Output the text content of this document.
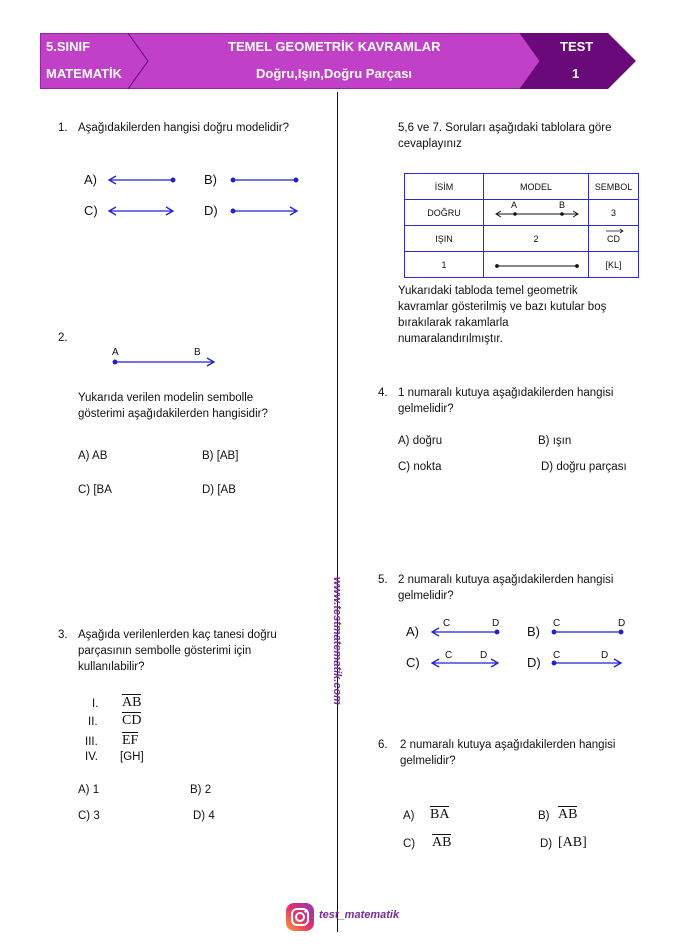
5.SINIF
MATEMATİK
TEMEL GEOMETRİK KAVRAMLAR
Doğru,Işın,Doğru Parçası
TEST
1
1. Aşağıdakilerden hangisi doğru modelidir?
A)	B)
C)	D)
2.
A	B
Yukarıda verilen modelin sembolle
gösterimi aşağıdakilerden hangisidir?
A) AB	B) [AB]
C) [BA	D) [AB
3. Aşağıda verilenlerden kaç tanesi doğru
parçasının sembolle gösterimi için
kullanılabilir?
I. AB
II. CD
III. EF
IV. [GH]
A) 1	B) 2
C) 3	D) 4
www.testmatematik.com
5,6 ve 7. Soruları aşağıdaki tablolara göre
cevaplayınız
İSİM	MODEL	SEMBOL
DOĞRU	A B	3
IŞIN	2	CD

1		[KL]
Yukarıdaki tabloda temel geometrik
kavramlar gösterilmiş ve bazı kutular boş
bırakılarak rakamlarla
numaralandırılmıştır.
4. 1 numaralı kutuya aşağıdakilerden hangisi
gelmelidir?
A) doğru	B) ışın
C) nokta	D) doğru parçası
5. 2 numaralı kutuya aşağıdakilerden hangisi
gelmelidir?
A)	B)
C)	D)
C	D	C	D
C	D	C	D
6. 2 numaralı kutuya aşağıdakilerden hangisi
gelmelidir?
A) BA	B) AB
C) AB	D) [AB]
test_matematik
